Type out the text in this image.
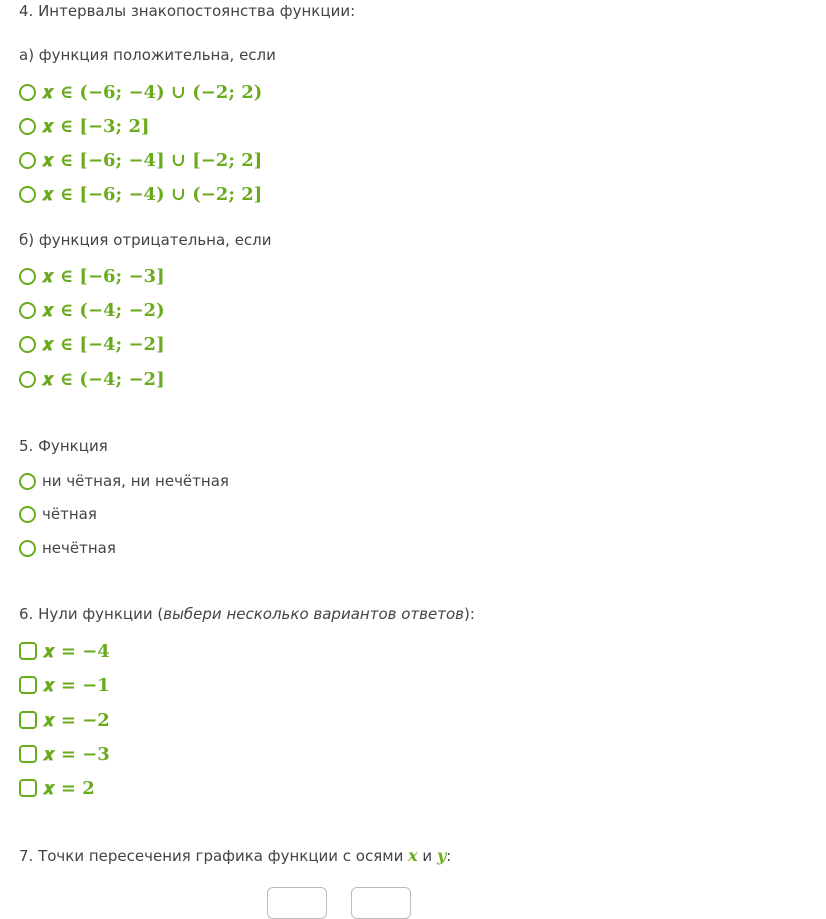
4. Интервалы знакопостоянства функции:
а) функция положительна, если
𝒙 ∈ (−6; −4) ∪ (−2; 2)
𝒙 ∈ [−3; 2]
𝒙 ∈ [−6; −4] ∪ [−2; 2]
𝒙 ∈ [−6; −4) ∪ (−2; 2]
б) функция отрицательна, если
𝒙 ∈ [−6; −3]
𝒙 ∈ (−4; −2)
𝒙 ∈ [−4; −2]
𝒙 ∈ (−4; −2]
5. Функция
ни чётная, ни нечётная
чётная
нечётная
6. Нули функции (выбери несколько вариантов ответов):
𝒙 = −4
𝒙 = −1
𝒙 = −2
𝒙 = −3
𝒙 = 2
7. Точки пересечения графика функции с осями 𝒙 и 𝒚:
